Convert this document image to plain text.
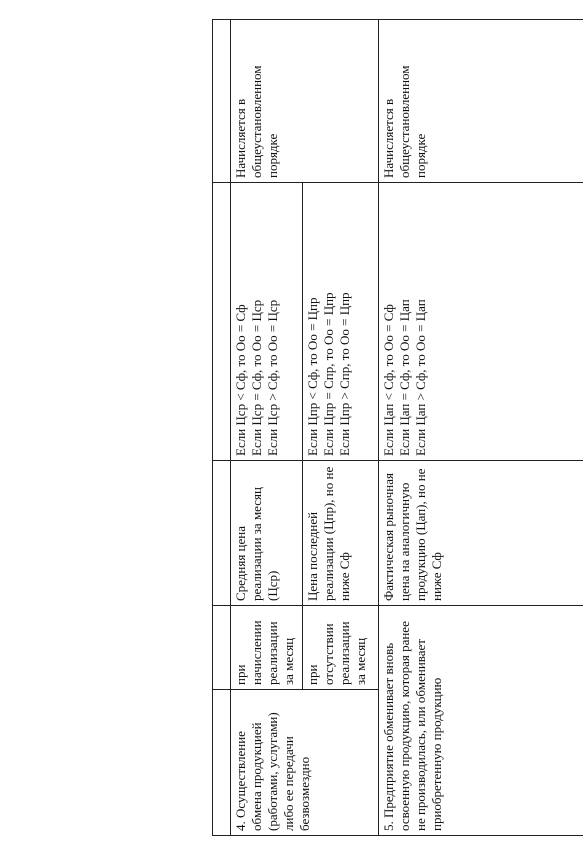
4. Осуществление обмена продукцией (работами, услугами) либо ее передачи безвозмездно	при начислении реализации за месяц	Средняя цена реализации за месяц (Цср)	Если Цср < Сф, то Оо = Сф Если Цср = Сф, то Оо = Цср Если Цср > Сф, то Оо = Цср	Начисляется в общеустановленном порядке
	при отсутствии реализации за месяц	Цена последней реализации (Цпр), но не ниже Сф	Если Цпр < Сф, то Оо = Цпр Если Цпр = Спр, то Оо = Цпр Если Цпр > Спр, то Оо = Цпр	

5. Предприятие обменивает вновь освоенную продукцию, которая ранее не производилась, или обменивает приобретенную продукцию		Фактическая рыночная цена на аналогичную продукцию (Цап), но не ниже Сф	Если Цап < Сф, то Оо = Сф Если Цап = Сф, то Оо = Цап Если Цап > Сф, то Оо = Цап	Начисляется в общеустановленном порядке
